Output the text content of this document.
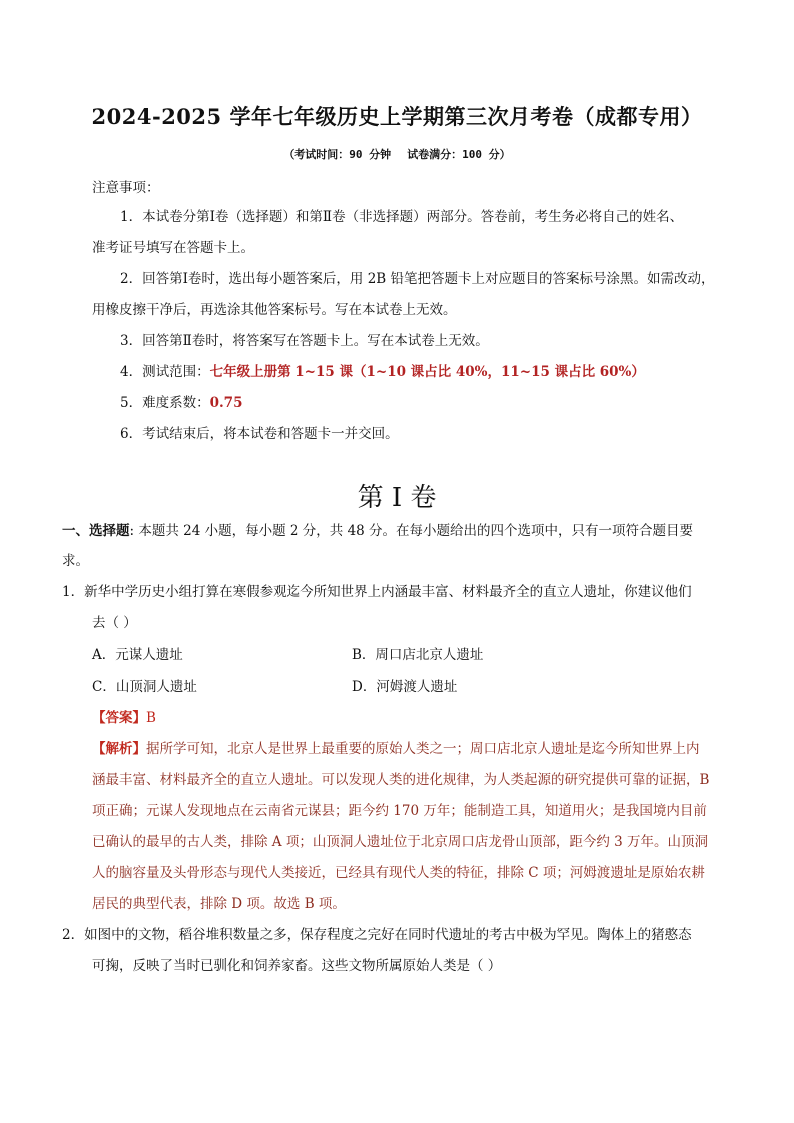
2024-2025 学年七年级历史上学期第三次月考卷（成都专用）
（考试时间：90 分钟 试卷满分：100 分）
注意事项：
1．本试卷分第Ⅰ卷（选择题）和第Ⅱ卷（非选择题）两部分。答卷前，考生务必将自己的姓名、
准考证号填写在答题卡上。
2．回答第Ⅰ卷时，选出每小题答案后，用 2B 铅笔把答题卡上对应题目的答案标号涂黑。如需改动，
用橡皮擦干净后，再选涂其他答案标号。写在本试卷上无效。
3．回答第Ⅱ卷时，将答案写在答题卡上。写在本试卷上无效。
4．测试范围：七年级上册第 1~15 课（1~10 课占比 40%，11~15 课占比 60%）
5．难度系数：0.75
6．考试结束后，将本试卷和答题卡一并交回。
第 I 卷
一、选择题: 本题共 24 小题，每小题 2 分，共 48 分。在每小题给出的四个选项中，只有一项符合题目要
求。
1．新华中学历史小组打算在寒假参观迄今所知世界上内涵最丰富、材料最齐全的直立人遗址，你建议他们
去（ ）
A．元谋人遗址	B．周口店北京人遗址
C．山顶洞人遗址	D．河姆渡人遗址
【答案】B
【解析】据所学可知，北京人是世界上最重要的原始人类之一；周口店北京人遗址是迄今所知世界上内
涵最丰富、材料最齐全的直立人遗址。可以发现人类的进化规律，为人类起源的研究提供可靠的证据，B
项正确；元谋人发现地点在云南省元谋县；距今约 170 万年；能制造工具，知道用火；是我国境内目前
已确认的最早的古人类，排除 A 项；山顶洞人遗址位于北京周口店龙骨山顶部，距今约 3 万年。山顶洞
人的脑容量及头骨形态与现代人类接近，已经具有现代人类的特征，排除 C 项；河姆渡遗址是原始农耕
居民的典型代表，排除 D 项。故选 B 项。
2．如图中的文物，稻谷堆积数量之多，保存程度之完好在同时代遗址的考古中极为罕见。陶体上的猪憨态
可掬，反映了当时已驯化和饲养家畜。这些文物所属原始人类是（ ）
